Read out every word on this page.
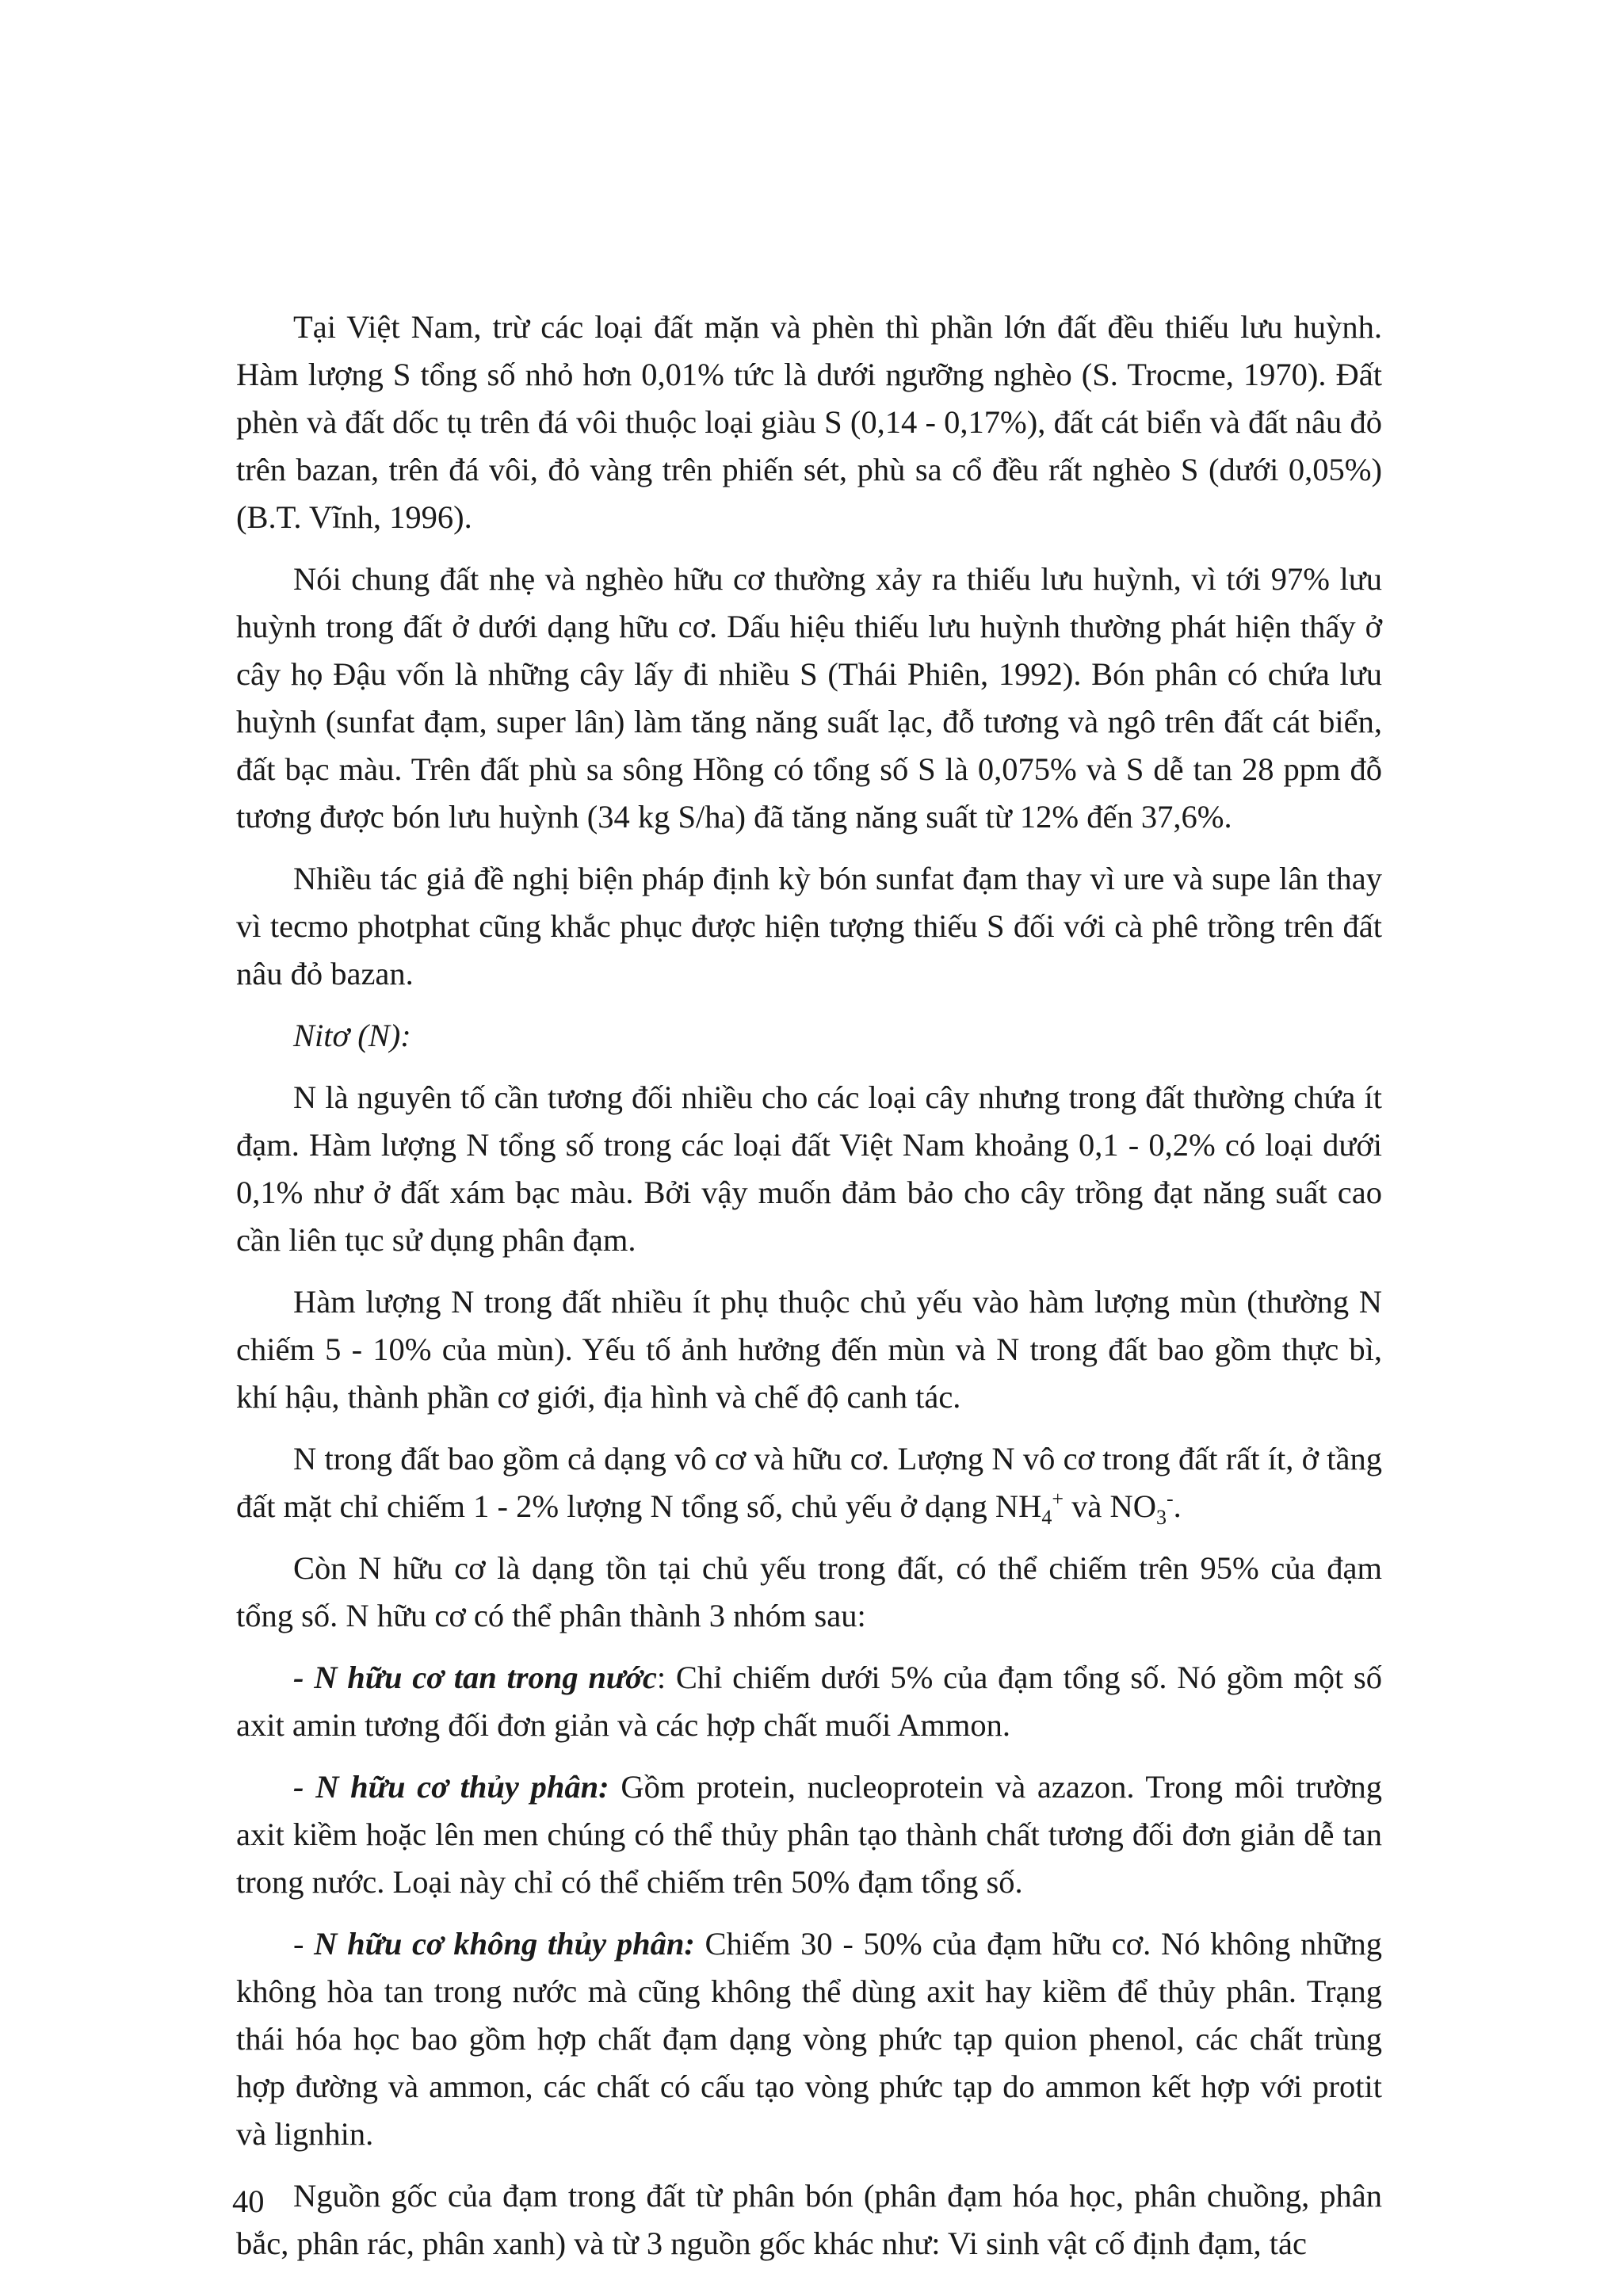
Tại Việt Nam, trừ các loại đất mặn và phèn thì phần lớn đất đều thiếu lưu huỳnh. Hàm lượng S tổng số nhỏ hơn 0,01% tức là dưới ngưỡng nghèo (S. Trocme, 1970). Đất phèn và đất dốc tụ trên đá vôi thuộc loại giàu S (0,14 - 0,17%), đất cát biển và đất nâu đỏ trên bazan, trên đá vôi, đỏ vàng trên phiến sét, phù sa cổ đều rất nghèo S (dưới 0,05%) (B.T. Vĩnh, 1996).

Nói chung đất nhẹ và nghèo hữu cơ thường xảy ra thiếu lưu huỳnh, vì tới 97% lưu huỳnh trong đất ở dưới dạng hữu cơ. Dấu hiệu thiếu lưu huỳnh thường phát hiện thấy ở cây họ Đậu vốn là những cây lấy đi nhiều S (Thái Phiên, 1992). Bón phân có chứa lưu huỳnh (sunfat đạm, super lân) làm tăng năng suất lạc, đỗ tương và ngô trên đất cát biển, đất bạc màu. Trên đất phù sa sông Hồng có tổng số S là 0,075% và S dễ tan 28 ppm đỗ tương được bón lưu huỳnh (34 kg S/ha) đã tăng năng suất từ 12% đến 37,6%.

Nhiều tác giả đề nghị biện pháp định kỳ bón sunfat đạm thay vì ure và supe lân thay vì tecmo photphat cũng khắc phục được hiện tượng thiếu S đối với cà phê trồng trên đất nâu đỏ bazan.

Nitơ (N):

N là nguyên tố cần tương đối nhiều cho các loại cây nhưng trong đất thường chứa ít đạm. Hàm lượng N tổng số trong các loại đất Việt Nam khoảng 0,1 - 0,2% có loại dưới 0,1% như ở đất xám bạc màu. Bởi vậy muốn đảm bảo cho cây trồng đạt năng suất cao cần liên tục sử dụng phân đạm.

Hàm lượng N trong đất nhiều ít phụ thuộc chủ yếu vào hàm lượng mùn (thường N chiếm 5 - 10% của mùn). Yếu tố ảnh hưởng đến mùn và N trong đất bao gồm thực bì, khí hậu, thành phần cơ giới, địa hình và chế độ canh tác.

N trong đất bao gồm cả dạng vô cơ và hữu cơ. Lượng N vô cơ trong đất rất ít, ở tầng đất mặt chỉ chiếm 1 - 2% lượng N tổng số, chủ yếu ở dạng $NH_4^+$ và $NO_3^-$.

Còn N hữu cơ là dạng tồn tại chủ yếu trong đất, có thể chiếm trên 95% của đạm tổng số. N hữu cơ có thể phân thành 3 nhóm sau:

- N hữu cơ tan trong nước: Chỉ chiếm dưới 5% của đạm tổng số. Nó gồm một số axit amin tương đối đơn giản và các hợp chất muối Ammon.

- N hữu cơ thủy phân: Gồm protein, nucleoprotein và azazon. Trong môi trường axit kiềm hoặc lên men chúng có thể thủy phân tạo thành chất tương đối đơn giản dễ tan trong nước. Loại này chỉ có thể chiếm trên 50% đạm tổng số.

- N hữu cơ không thủy phân: Chiếm 30 - 50% của đạm hữu cơ. Nó không những không hòa tan trong nước mà cũng không thể dùng axit hay kiềm để thủy phân. Trạng thái hóa học bao gồm hợp chất đạm dạng vòng phức tạp quion phenol, các chất trùng hợp đường và ammon, các chất có cấu tạo vòng phức tạp do ammon kết hợp với protit và lignhin.

Nguồn gốc của đạm trong đất từ phân bón (phân đạm hóa học, phân chuồng, phân bắc, phân rác, phân xanh) và từ 3 nguồn gốc khác như: Vi sinh vật cố định đạm, tác

40
